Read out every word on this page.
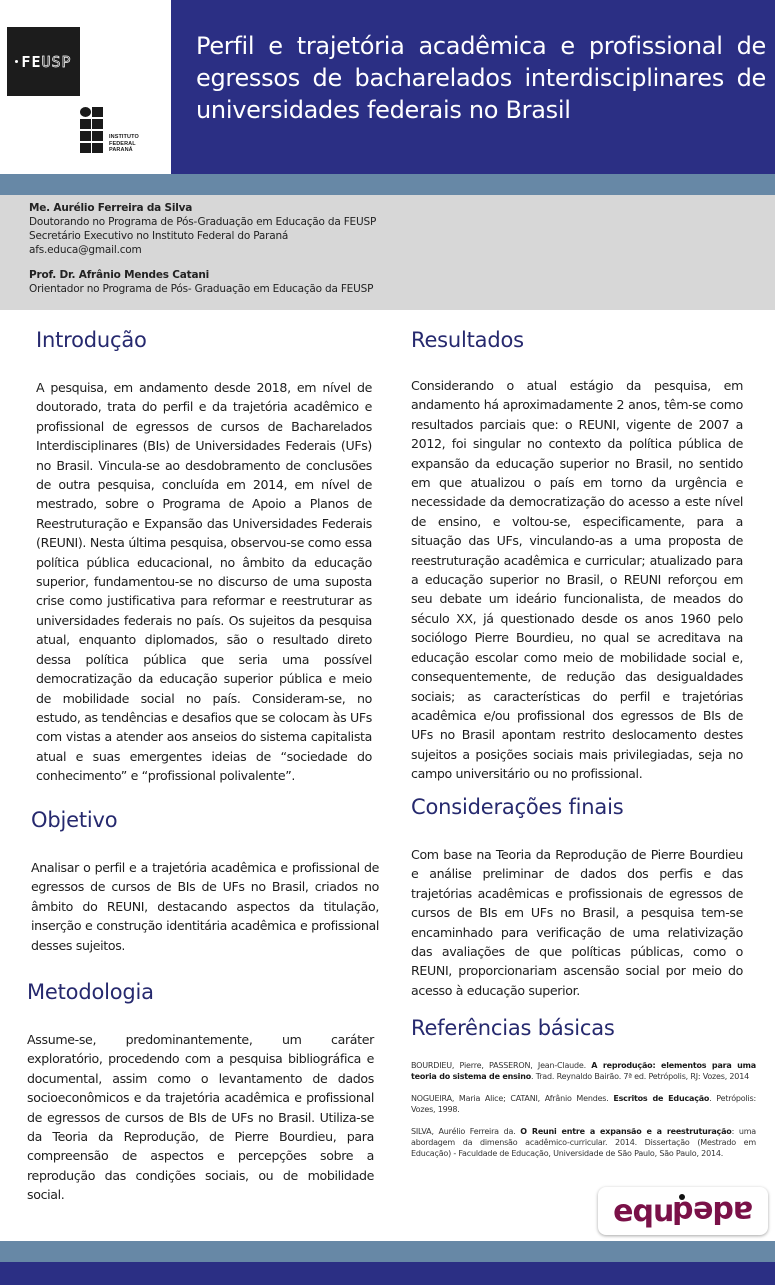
FE USP
INSTITUTO
FEDERAL
PARANÁ
Perfil e trajetória acadêmica e profissional de egressos de bacharelados interdisciplinares de universidades federais no Brasil
Me. Aurélio Ferreira da Silva
Doutorando no Programa de Pós-Graduação em Educação da FEUSP
Secretário Executivo no Instituto Federal do Paraná
afs.educa@gmail.com
Prof. Dr. Afrânio Mendes Catani
Orientador no Programa de Pós- Graduação em Educação da FEUSP
Introdução

A pesquisa, em andamento desde 2018, em nível de doutorado, trata do perfil e da trajetória acadêmico e profissional de egressos de cursos de Bacharelados Interdisciplinares (BIs) de Universidades Federais (UFs) no Brasil. Vincula-se ao desdobramento de conclusões de outra pesquisa, concluída em 2014, em nível de mestrado, sobre o Programa de Apoio a Planos de Reestruturação e Expansão das Universidades Federais (REUNI). Nesta última pesquisa, observou-se como essa política pública educacional, no âmbito da educação superior, fundamentou-se no discurso de uma suposta crise como justificativa para reformar e reestruturar as universidades federais no país. Os sujeitos da pesquisa atual, enquanto diplomados, são o resultado direto dessa política pública que seria uma possível democratização da educação superior pública e meio de mobilidade social no país. Consideram-se, no estudo, as tendências e desafios que se colocam às UFs com vistas a atender aos anseios do sistema capitalista atual e suas emergentes ideias de “sociedade do conhecimento” e “profissional polivalente”.

Objetivo

Analisar o perfil e a trajetória acadêmica e profissional de egressos de cursos de BIs de UFs no Brasil, criados no âmbito do REUNI, destacando aspectos da titulação, inserção e construção identitária acadêmica e profissional desses sujeitos.

Metodologia

Assume-se, predominantemente, um caráter exploratório, procedendo com a pesquisa bibliográfica e documental, assim como o levantamento de dados socioeconômicos e da trajetória acadêmica e profissional de egressos de cursos de BIs de UFs no Brasil. Utiliza-se da Teoria da Reprodução, de Pierre Bourdieu, para compreensão de aspectos e percepções sobre a reprodução das condições sociais, ou de mobilidade social.

Resultados

Considerando o atual estágio da pesquisa, em andamento há aproximadamente 2 anos, têm-se como resultados parciais que: o REUNI, vigente de 2007 a 2012, foi singular no contexto da política pública de expansão da educação superior no Brasil, no sentido em que atualizou o país em torno da urgência e necessidade da democratização do acesso a este nível de ensino, e voltou-se, especificamente, para a situação das UFs, vinculando-as a uma proposta de reestruturação acadêmica e curricular; atualizado para a educação superior no Brasil, o REUNI reforçou em seu debate um ideário funcionalista, de meados do século XX, já questionado desde os anos 1960 pelo sociólogo Pierre Bourdieu, no qual se acreditava na educação escolar como meio de mobilidade social e, consequentemente, de redução das desigualdades sociais; as características do perfil e trajetórias acadêmica e/ou profissional dos egressos de BIs de UFs no Brasil apontam restrito deslocamento destes sujeitos a posições sociais mais privilegiadas, seja no campo universitário ou no profissional.

Considerações finais

Com base na Teoria da Reprodução de Pierre Bourdieu e análise preliminar de dados dos perfis e das trajetórias acadêmicas e profissionais de egressos de cursos de BIs em UFs no Brasil, a pesquisa tem-se encaminhado para verificação de uma relativização das avaliações de que políticas públicas, como o REUNI, proporcionariam ascensão social por meio do acesso à educação superior.

Referências básicas
BOURDIEU, Pierre, PASSERON, Jean-Claude. A reprodução: elementos para uma teoria do sistema de ensino. Trad. Reynaldo Bairão. 7ª ed. Petrópolis, RJ: Vozes, 2014
NOGUEIRA, Maria Alice; CATANI, Afrânio Mendes. Escritos de Educação. Petrópolis: Vozes, 1998.
SILVA, Aurélio Ferreira da. O Reuni entre a expansão e a reestruturação: uma abordagem da dimensão acadêmico-curricular. 2014. Dissertação (Mestrado em Educação) - Faculdade de Educação, Universidade de São Paulo, São Paulo, 2014.
equdade
